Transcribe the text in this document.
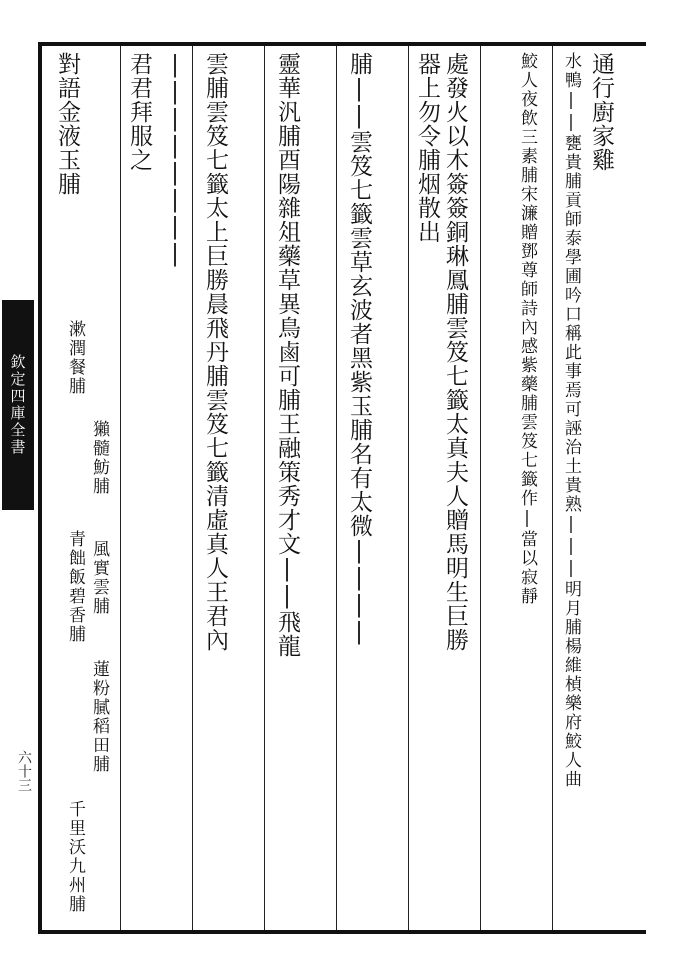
欽定四庫全書
六十三
通行廚家雞
水鴨||甕貴脯貢師泰學圃吟口稱此事焉可誣治土貴熟|||明月脯楊維楨樂府鮫人曲
鮫人夜飲三素脯宋濂贈鄧尊師詩內感紫藥脯雲笈七籤作|當以寂靜
處發火以木簽簽銅琳鳳脯雲笈七籤太真夫人贈馬明生巨勝
器上勿令脯烟散出
脯||雲笈七籤雲草玄波者黑紫玉脯名有太微||||
靈華汎脯酉陽雜俎藥草異鳥鹵可脯王融策秀才文||飛龍
雲脯雲笈七籤太上巨勝晨飛丹脯雲笈七籤清虛真人王君內
||||||||
君君拜服之
對語金液玉脯
風實雲脯
漱潤餐脯
獺髓魴脯
青飿飯碧香脯
蓮粉膩稻田脯
千里沃九州脯
